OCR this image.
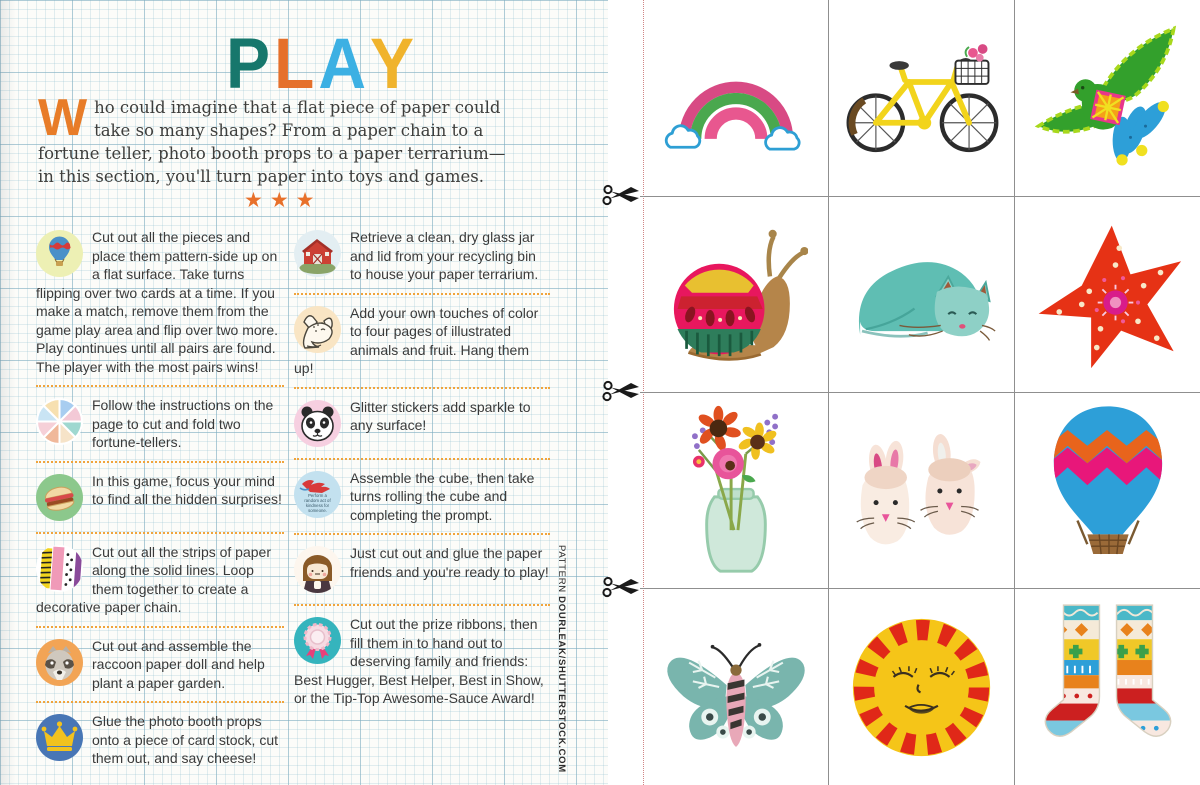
PLAY
Who could imagine that a flat piece of paper could take so many shapes? From a paper chain to a fortune teller, photo booth props to a paper terrarium—in this section, you'll turn paper into toys and games.
★★★
Cut out all the pieces and place them pattern-side up on a flat surface. Take turns flipping over two cards at a time. If you make a match, remove them from the game play area and flip over two more. Play continues until all pairs are found. The player with the most pairs wins!
Follow the instructions on the page to cut and fold two fortune-tellers.
In this game, focus your mind to find all the hidden surprises!
Cut out all the strips of paper along the solid lines. Loop them together to create a decorative paper chain.
Cut out and assemble the raccoon paper doll and help plant a paper garden.
Glue the photo booth props onto a piece of card stock, cut them out, and say cheese!
Retrieve a clean, dry glass jar and lid from your recycling bin to house your paper terrarium.
Add your own touches of color to four pages of illustrated animals and fruit. Hang them up!
Glitter stickers add sparkle to any surface!
Perform a
random act of
kindness for
someone.
Assemble the cube, then take turns rolling the cube and completing the prompt.
Just cut out and glue the paper friends and you're ready to play!
Cut out the prize ribbons, then fill them in to hand out to deserving family and friends: Best Hugger, Best Helper, Best in Show, or the Tip-Top Awesome-Sauce Award!
PATTERN DOURLEAK/SHUTTERSTOCK.COM
